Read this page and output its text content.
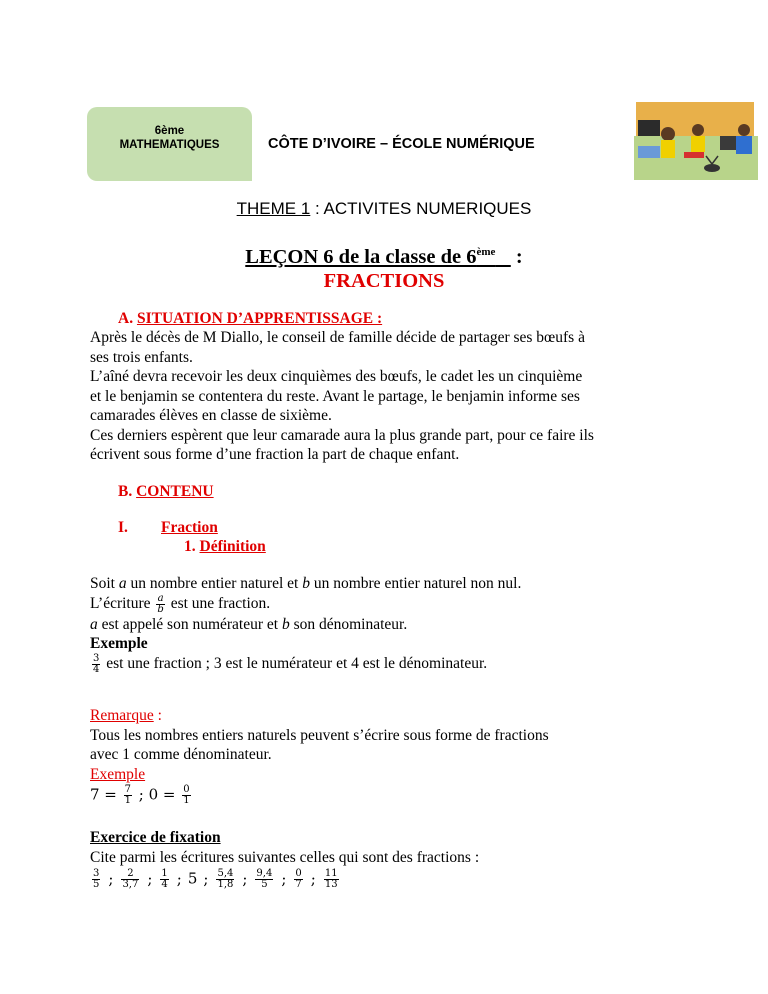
6ème
MATHEMATIQUES	CÔTE D’IVOIRE – ÉCOLE NUMÉRIQUE
THEME 1 : ACTIVITES NUMERIQUES
LEÇON 6 de la classe de 6ème    :
FRACTIONS
A. SITUATION D’APPRENTISSAGE :
Après le décès de M Diallo, le conseil de famille décide de partager ses bœufs à
ses trois enfants.
L’aîné devra recevoir les deux cinquièmes des bœufs, le cadet les un cinquième
et le benjamin se contentera du reste. Avant le partage, le benjamin informe ses
camarades élèves en classe de sixième.
Ces derniers espèrent que leur camarade aura la plus grande part, pour ce faire ils
écrivent sous forme d’une fraction la part de chaque enfant.
B. CONTENU
I. Fraction
1. Définition
Soit a un nombre entier naturel et b un nombre entier naturel non nul.
L’écriture $\frac{a}{b}$ est une fraction.
a est appelé son numérateur et b son dénominateur.
Exemple
$\frac{3}{4}$ est une fraction ; 3 est le numérateur et 4 est le dénominateur.
Remarque :
Tous les nombres entiers naturels peuvent s’écrire sous forme de fractions
avec 1 comme dénominateur.
Exemple
$7 = \frac{7}{1}$ ; $0 = \frac{0}{1}$
Exercice de fixation
Cite parmi les écritures suivantes celles qui sont des fractions :
$\frac{3}{5}$ ; $\frac{2}{3,7}$ ; $\frac{1}{4}$ ; 5 ; $\frac{5,4}{1,8}$ ; $\frac{9,4}{5}$ ; $\frac{0}{7}$ ; $\frac{11}{13}$
